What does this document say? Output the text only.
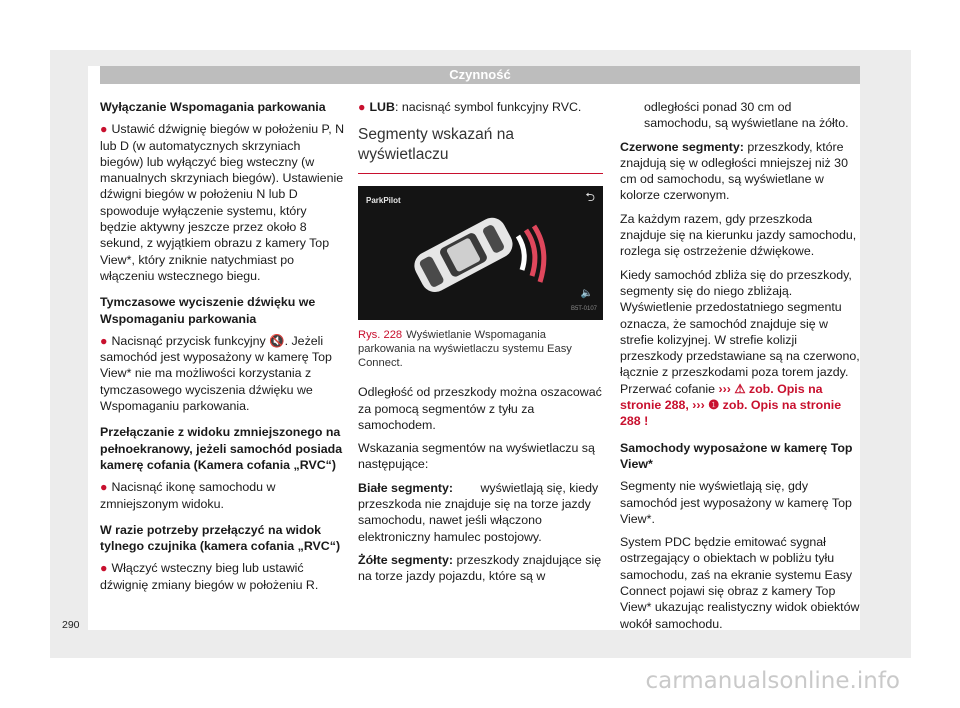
Czynność

Wyłączanie Wspomagania parkowania

● Ustawić dźwignię biegów w położeniu P, N lub D (w automatycznych skrzyniach biegów) lub wyłączyć bieg wsteczny (w manualnych skrzyniach biegów). Ustawienie dźwigni biegów w położeniu N lub D spowoduje wyłączenie systemu, który będzie aktywny jeszcze przez około 8 sekund, z wyjątkiem obrazu z kamery Top View*, który zniknie natychmiast po włączeniu wstecznego biegu.

Tymczasowe wyciszenie dźwięku we Wspomaganiu parkowania

● Nacisnąć przycisk funkcyjny 🔇. Jeżeli samochód jest wyposażony w kamerę Top View* nie ma możliwości korzystania z tymczasowego wyciszenia dźwięku we Wspomaganiu parkowania.

Przełączanie z widoku zmniejszonego na pełnoekranowy, jeżeli samochód posiada kamerę cofania (Kamera cofania „RVC“)

● Nacisnąć ikonę samochodu w zmniejszonym widoku.

W razie potrzeby przełączyć na widok tylnego czujnika (kamera cofania „RVC“)

● Włączyć wsteczny bieg lub ustawić dźwignię zmiany biegów w położeniu R.

● LUB: nacisnąć symbol funkcyjny RVC.

Segmenty wskazań na wyświetlaczu
ParkPilot	⮌
🔈
B5T-0107

Rys. 228 Wyświetlanie Wspomagania parkowania na wyświetlaczu systemu Easy Connect.

Odległość od przeszkody można oszacować za pomocą segmentów z tyłu za samochodem.

Wskazania segmentów na wyświetlaczu są następujące:

Białe segmenty: wyświetlają się, kiedy przeszkoda nie znajduje się na torze jazdy samochodu, nawet jeśli włączono elektroniczny hamulec postojowy.
Żółte segmenty: przeszkody znajdujące się na torze jazdy pojazdu, które są w

odległości ponad 30 cm od samochodu, są wyświetlane na żółto.

Czerwone segmenty: przeszkody, które znajdują się w odległości mniejszej niż 30 cm od samochodu, są wyświetlane w kolorze czerwonym.

Za każdym razem, gdy przeszkoda znajduje się na kierunku jazdy samochodu, rozlega się ostrzeżenie dźwiękowe.

Kiedy samochód zbliża się do przeszkody, segmenty się do niego zbliżają. Wyświetlenie przedostatniego segmentu oznacza, że samochód znajduje się w strefie kolizyjnej. W strefie kolizji przeszkody przedstawiane są na czerwono, łącznie z przeszkodami poza torem jazdy. Przerwać cofanie ››› ⚠ zob. Opis na stronie 288, ››› ❶ zob. Opis na stronie 288 !

Samochody wyposażone w kamerę Top View*

Segmenty nie wyświetlają się, gdy samochód jest wyposażony w kamerę Top View*.

System PDC będzie emitować sygnał ostrzegający o obiektach w pobliżu tyłu samochodu, zaś na ekranie systemu Easy Connect pojawi się obraz z kamery Top View* ukazując realistyczny widok obiektów wokół samochodu.

290
carmanualsonline.info
